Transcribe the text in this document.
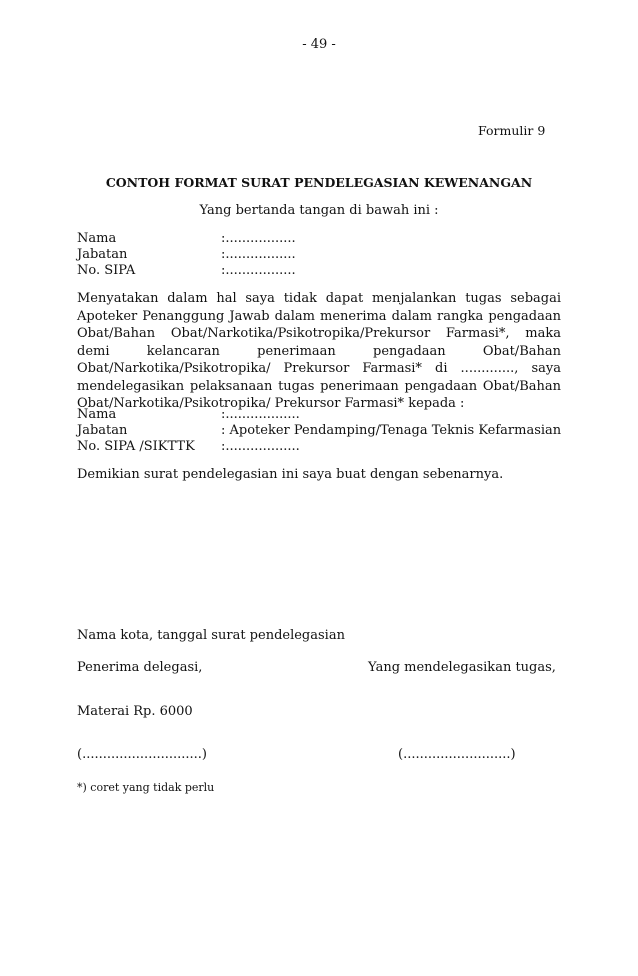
- 49 -
Formulir 9
CONTOH FORMAT SURAT PENDELEGASIAN KEWENANGAN
Yang bertanda tangan di bawah ini :
Nama	:.................
Jabatan	:.................
No. SIPA	:.................
Menyatakan dalam hal saya tidak dapat menjalankan tugas sebagai Apoteker Penanggung Jawab dalam menerima dalam rangka pengadaan Obat/Bahan Obat/Narkotika/Psikotropika/Prekursor Farmasi*, maka demi kelancaran penerimaan pengadaan Obat/Bahan Obat/Narkotika/Psikotropika/ Prekursor Farmasi* di ............., saya mendelegasikan pelaksanaan tugas penerimaan pengadaan Obat/Bahan Obat/Narkotika/Psikotropika/ Prekursor Farmasi* kepada :
Nama	:..................
Jabatan	: Apoteker Pendamping/Tenaga Teknis Kefarmasian
No. SIPA /SIKTTK :..................
Demikian surat pendelegasian ini saya buat dengan sebenarnya.
Nama kota, tanggal surat pendelegasian
Penerima delegasi,	Yang mendelegasikan tugas,
Materai Rp. 6000
(.............................)	(..........................)
*) coret yang tidak perlu
